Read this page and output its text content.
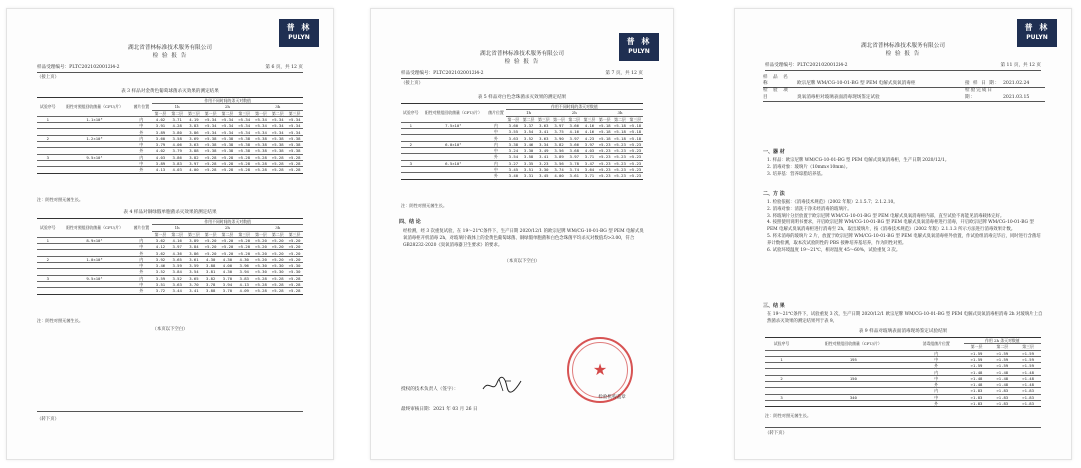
普 林
PULYN
湖北省普林标准技术服务有限公司
检 验 报 告
样品受理编号：PLTC2021020012l4-2	第 6 页，共 12 页
（接上页）
表 3 样品对金黄色葡萄球菌杀灭效果的测定结果
试验序号	阳性对照组回收菌量（CFU/片）	菌片位置	作用不同时间的杀灭对数值								
			1h			2h			3h		
			第一层	第二层	第三层	第一层	第二层	第三层	第一层	第二层	第三层
1	1.1×10⁶	内	4.02	3.71	4.19	>5.34	>5.34	>5.34	>5.34	>5.34	>5.34
		中	3.91	4.28	3.83	>5.34	>5.34	>5.34	>5.34	>5.34	>5.34
		外	3.89	3.80	3.86	>5.34	>5.34	>5.34	>5.34	>5.34	>5.34
2	1.2×10⁶	内	3.60	3.58	3.69	>5.38	>5.38	>5.38	>5.38	>5.38	>5.38
		中	3.79	4.06	3.63	>5.38	>5.38	>5.38	>5.38	>5.38	>5.38
		外	4.02	3.79	3.88	>5.38	>5.38	>5.38	>5.38	>5.38	>5.38
3	9.5×10⁵	内	4.03	3.86	3.82	>5.28	>5.28	>5.28	>5.28	>5.28	>5.28
		中	3.89	3.83	3.97	>5.28	>5.28	>5.28	>5.28	>5.28	>5.28
		外	4.13	4.03	4.00	>5.28	>5.28	>5.28	>5.28	>5.28	>5.28
注：阴性对照无菌生长。
表 4 样品对铜绿假单胞菌杀灭效果的测定结果
试验序号	阳性对照组回收菌量（CFU/片）	菌片位置	作用不同时间的杀灭对数值								
			1h			2h			3h		
			第一层	第二层	第三层	第一层	第二层	第三层	第一层	第二层	第三层
1	8.9×10⁵	内	3.62	4.16	3.89	>5.20	>5.20	>5.20	>5.20	>5.20	>5.20
		中	4.12	3.97	3.84	>5.20	>5.20	>5.20	>5.20	>5.20	>5.20
		外	3.62	4.36	3.86	>5.20	>5.20	>5.20	>5.20	>5.20	>5.20
2	1.0×10⁶	内	3.92	3.65	3.61	4.30	4.30	4.30	>5.20	>5.20	>5.20
		中	3.46	3.59	3.59	3.88	4.00	3.96	>5.30	>5.30	>5.30
		外	3.52	3.84	3.54	3.81	4.30	3.94	>5.30	>5.30	>5.30
3	9.5×10⁵	内	3.59	3.52	3.65	3.82	3.70	3.83	>5.28	>5.28	>5.28
		中	3.51	3.63	3.70	3.78	3.94	4.13	>5.28	>5.28	>5.28
		外	3.72	3.44	3.41	3.88	3.70	4.09	>5.28	>5.28	>5.28
注：阴性对照无菌生长。
（本页以下空白）
（转下页）
普 林
PULYN
湖北省普林标准技术服务有限公司
检 验 报 告
样品受理编号：PLTC2021020012l4-2	第 7 页，共 12 页
（接上页）
表 5 样品对白色念珠菌杀灭效果的测定结果
试验序号	阳性对照组回收菌量（CFU/片）	菌片位置	作用不同时间的杀灭对数值								
			1h			2h			3h		
			第一层	第二层	第三层	第一层	第二层	第三层	第一层	第二层	第三层
1	7.5×10⁵	内	3.60	3.37	3.63	3.97	3.66	4.16	>5.18	>5.18	>5.18
		中	3.55	3.54	3.41	3.75	4.16	4.16	>5.18	>5.18	>5.18
		外	3.63	3.52	3.63	3.90	3.97	4.23	>5.18	>5.18	>5.18
2	6.0×10⁵	内	3.38	3.46	3.34	3.82	3.66	3.97	>5.23	>5.23	>5.23
		中	3.24	3.30	3.49	3.56	3.68	4.03	>5.23	>5.23	>5.23
		外	3.54	3.58	3.41	3.89	3.97	3.71	>5.23	>5.23	>5.23
3	6.5×10⁵	内	3.27	3.35	3.23	3.56	3.78	3.47	>5.23	>5.23	>5.23
		中	3.45	3.51	3.30	3.74	3.74	3.64	>5.23	>5.23	>5.23
		外	3.40	3.31	3.45	4.00	3.61	3.71	>5.23	>5.23	>5.23
注：阴性对照无菌生长。
四、结 论
经检测，经 3 次重复试验，在 19～21℃条件下，生产日期 2020/12/1 的欧宗尼牌 WM/CG-10-01-BG 型 PEM 电解式臭氧消毒柜开机消毒 2h，对玻璃片载体上的金黄色葡萄球菌、铜绿假单胞菌和白色念珠菌平均杀灭对数值均>3.00，符合 GB28232-2020《臭氧消毒器卫生要求》的要求。
（本页以下空白）
★
授权的技术负责人（签字）：
最终审核日期：2021 年 03 月 26 日
检验机构盖章
普 林
PULYN
湖北省普林标准技术服务有限公司
检 验 报 告
样品受理编号：PLTC2021020012l4-2	第 11 页，共 12 页
样 品 名 称	欧宗尼牌 WM/CG-10-01-BG 型 PEM 电解式臭氧消毒柜	接 样 日 期： 2021.02.24
检 验 项 目	臭氧消毒柜对玻璃表面消毒现场鉴定试验
检验完成日期：	2021.03.15
一、器 材
1. 样品：欧宗尼牌 WM/CG-10-01-BG 型 PEM 电解式臭氧消毒柜，生产日期 2020/12/1。
2. 消毒对象：玻璃片（10mm×10mm）。
3. 培养基：营养琼脂培养基。
二、方 法
1. 检验依据：《消毒技术规范》（2002 年版）2.1.5.7；2.1.2.10。
2. 消毒对象：清洗干净未经消毒的玻璃片。
3. 将玻璃片分层放置于欧宗尼牌 WM/CG-10-01-BG 型 PEM 电解式臭氧消毒柜内部，直至试验不再能见消毒载体完好。
4. 按照使用说明书要求，开启欧宗尼牌 WM/CG-10-01-BG 型 PEM 电解式臭氧消毒柜进行消毒，开启欧宗尼牌 WM/CG-10-01-BG 型 PEM 电解式臭氧消毒柜进行消毒至 2h，取出玻璃片，按《消毒技术规范》（2002 年版）2.1.1.3 所示方法进行消毒效果计数。
5. 将未消毒的玻璃片 2 片，放置于欧宗尼牌 WM/CG-10-01-BG 型 PEM 电解式臭氧消毒柜外放置，作试验组消毒完毕后，同时进行含菌培养计数检测，取本次试验阴性的 PBS 接种培养基培养，作为阴性对照。
6. 试验环境温度 19～21℃，相对湿度 45～60%，试验重复 3 次。
三、结 果
在 19～21℃条件下，试验重复 3 次，生产日期 2020/12/1 欧宗尼牌 WM/CG-10-01-BG 型 PEM 电解式臭氧消毒柜消毒 2h 对玻璃片上自然菌杀灭效果的测定结果列于表 9。
表 9 样品对玻璃表面消毒现场鉴定试验结果
试验序号	阳性对照组回收菌量（CFU/片）	消毒组菌片位置	作用 2h 杀灭对数值		
			第一层	第二层	第三层
		内	>1.59	>1.59	>1.59
1	195	中	>1.59	>1.59	>1.59
		外	>1.59	>1.59	>1.59
		内	>1.48	>1.48	>1.48
2	150	中	>1.48	>1.48	>1.48
		外	>1.48	>1.48	>1.48
		内	>1.83	>1.83	>1.83
3	340	中	>1.83	>1.83	>1.83
		外	>1.83	>1.83	>1.83
注：阴性对照无菌生长。
（转下页）
